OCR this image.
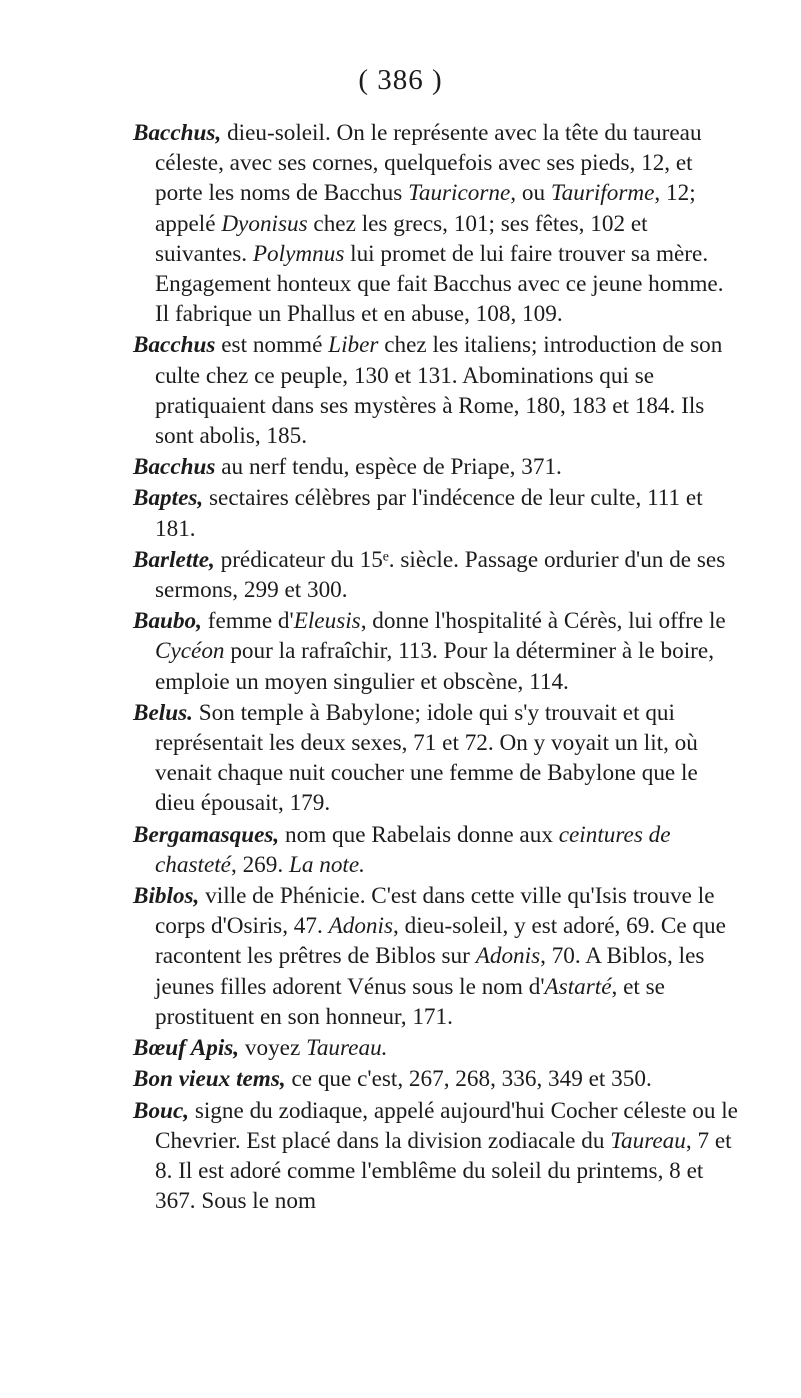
( 386 )

Bacchus, dieu-soleil. On le représente avec la tête du taureau céleste, avec ses cornes, quelquefois avec ses pieds, 12, et porte les noms de Bacchus Tauricorne, ou Tauriforme, 12; appelé Dyonisus chez les grecs, 101; ses fêtes, 102 et suivantes. Polymnus lui promet de lui faire trouver sa mère. Engagement honteux que fait Bacchus avec ce jeune homme. Il fabrique un Phallus et en abuse, 108, 109.

Bacchus est nommé Liber chez les italiens; introduction de son culte chez ce peuple, 130 et 131. Abominations qui se pratiquaient dans ses mystères à Rome, 180, 183 et 184. Ils sont abolis, 185.

Bacchus au nerf tendu, espèce de Priape, 371.

Baptes, sectaires célèbres par l'indécence de leur culte, 111 et 181.

Barlette, prédicateur du 15ᵉ. siècle. Passage ordurier d'un de ses sermons, 299 et 300.

Baubo, femme d'Eleusis, donne l'hospitalité à Cérès, lui offre le Cycéon pour la rafraîchir, 113. Pour la déterminer à le boire, emploie un moyen singulier et obscène, 114.

Belus. Son temple à Babylone; idole qui s'y trouvait et qui représentait les deux sexes, 71 et 72. On y voyait un lit, où venait chaque nuit coucher une femme de Babylone que le dieu épousait, 179.

Bergamasques, nom que Rabelais donne aux ceintures de chasteté, 269. La note.

Biblos, ville de Phénicie. C'est dans cette ville qu'Isis trouve le corps d'Osiris, 47. Adonis, dieu-soleil, y est adoré, 69. Ce que racontent les prêtres de Biblos sur Adonis, 70. A Biblos, les jeunes filles adorent Vénus sous le nom d'Astarté, et se prostituent en son honneur, 171.

Bœuf Apis, voyez Taureau.

Bon vieux tems, ce que c'est, 267, 268, 336, 349 et 350.

Bouc, signe du zodiaque, appelé aujourd'hui Cocher céleste ou le Chevrier. Est placé dans la division zodiacale du Taureau, 7 et 8. Il est adoré comme l'emblême du soleil du printems, 8 et 367. Sous le nom
